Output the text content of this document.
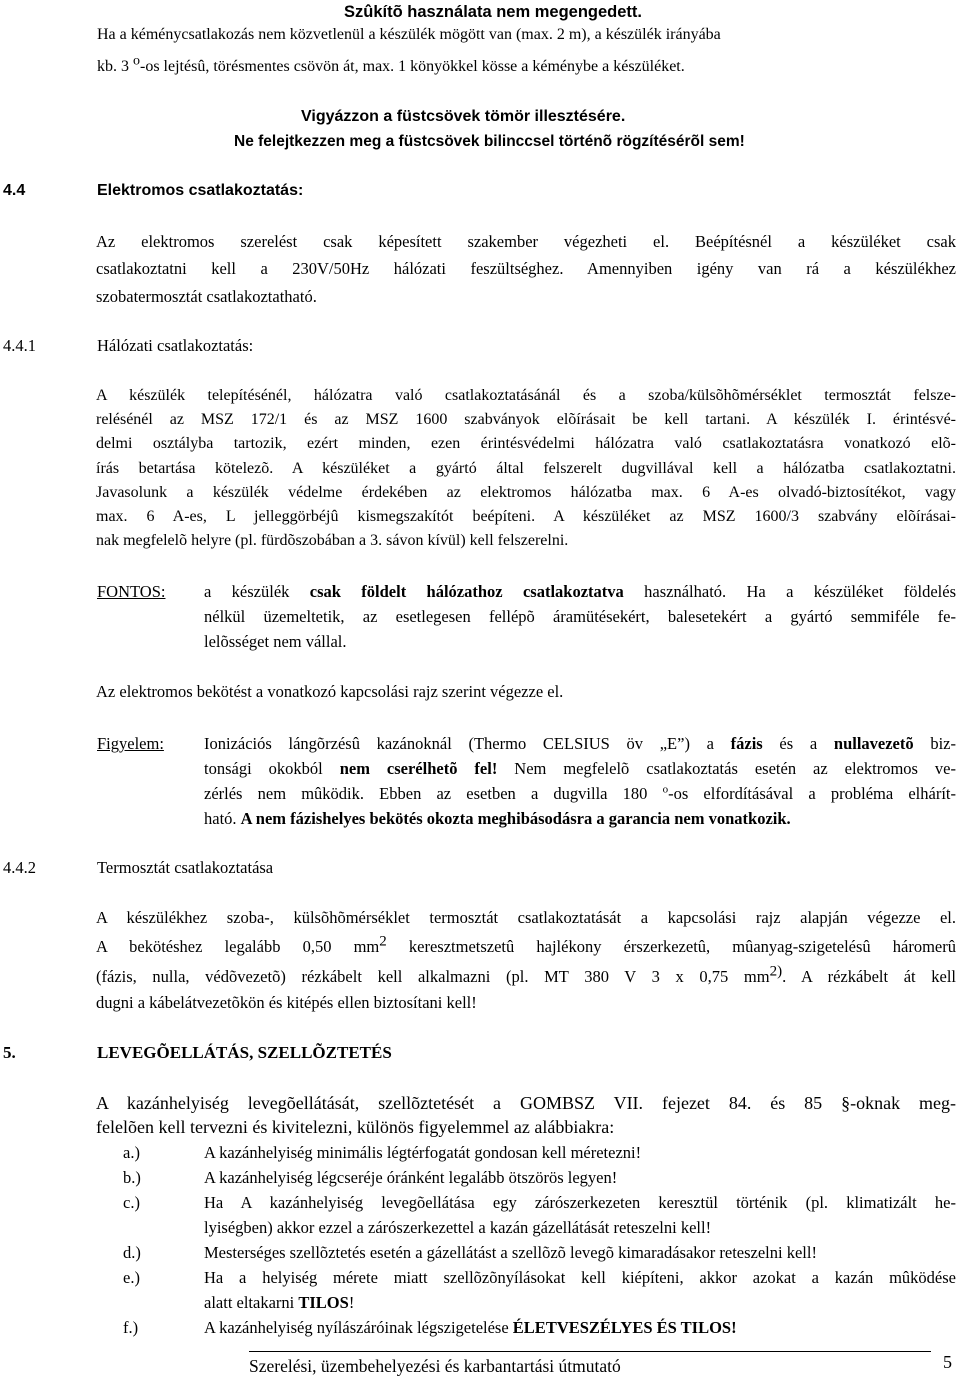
Szûkítõ használata nem megengedett.
Ha a kéménycsatlakozás nem közvetlenül a készülék mögött van (max. 2 m), a készülék irányába
kb. 3 o-os lejtésû, törésmentes csövön át, max. 1 könyökkel kösse a kéménybe a készüléket.
Vigyázzon a füstcsövek tömör illesztésére.
Ne felejtkezzen meg a füstcsövek bilinccsel történõ rögzítésérõl sem!
4.4	Elektromos csatlakoztatás:
Az elektromos szerelést csak képesített szakember végezheti el. Beépítésnél a készüléket csak
csatlakoztatni kell a 230V/50Hz hálózati feszültséghez. Amennyiben igény van rá a készülékhez
szobatermosztát csatlakoztatható.
4.4.1	Hálózati csatlakoztatás:
A készülék telepítésénél, hálózatra való csatlakoztatásánál és a szoba/külsõhõmérséklet termosztát felsze-
relésénél az MSZ 172/1 és az MSZ 1600 szabványok elõírásait be kell tartani. A készülék I. érintésvé-
delmi osztályba tartozik, ezért minden, ezen érintésvédelmi hálózatra való csatlakoztatásra vonatkozó elõ-
írás betartása kötelezõ. A készüléket a gyártó által felszerelt dugvillával kell a hálózatba csatlakoztatni.
Javasolunk a készülék védelme érdekében az elektromos hálózatba max. 6 A-es olvadó-biztosítékot, vagy
max. 6 A-es, L jelleggörbéjû kismegszakítót beépíteni. A készüléket az MSZ 1600/3 szabvány elõírásai-
nak megfelelõ helyre (pl. fürdõszobában a 3. sávon kívül) kell felszerelni.
FONTOS: a készülék csak földelt hálózathoz csatlakoztatva használható. Ha a készüléket földelés
nélkül üzemeltetik, az esetlegesen fellépõ áramütésekért, balesetekért a gyártó semmiféle fe-
lelõsséget nem vállal.
Az elektromos bekötést a vonatkozó kapcsolási rajz szerint végezze el.
Figyelem: Ionizációs lángõrzésû kazánoknál (Thermo CELSIUS öv „E”) a fázis és a nullavezetõ biz-
tonsági okokból nem cserélhetõ fel! Nem megfelelõ csatlakoztatás esetén az elektromos ve-
zérlés nem mûködik. Ebben az esetben a dugvilla 180 $^o$-os elfordításával a probléma elhárít-
ható. A nem fázishelyes bekötés okozta meghibásodásra a garancia nem vonatkozik.
4.4.2	Termosztát csatlakoztatása
A készülékhez szoba-, külsõhõmérséklet termosztát csatlakoztatását a kapcsolási rajz alapján végezze el.
A bekötéshez legalább 0,50 mm2 keresztmetszetû hajlékony érszerkezetû, mûanyag-szigetelésû háromerû
(fázis, nulla, védõvezetõ) rézkábelt kell alkalmazni (pl. MT 380 V 3 x 0,75 mm2). A rézkábelt át kell
dugni a kábelátvezetõkön és kitépés ellen biztosítani kell!
5.	LEVEGÕELLÁTÁS, SZELLÕZTETÉS
A kazánhelyiség levegõellátását, szellõztetését a GOMBSZ VII. fejezet 84. és 85 §-oknak meg-
felelõen kell tervezni és kivitelezni, különös figyelemmel az alábbiakra:
a.)	A kazánhelyiség minimális légtérfogatát gondosan kell méretezni!
b.)	A kazánhelyiség légcseréje óránként legalább ötszörös legyen!
c.)	Ha A kazánhelyiség levegõellátása egy zárószerkezeten keresztül történik (pl. klimatizált he-
lyiségben) akkor ezzel a zárószerkezettel a kazán gázellátását reteszelni kell!
d.)	Mesterséges szellõztetés esetén a gázellátást a szellõzõ levegõ kimaradásakor reteszelni kell!
e.)	Ha a helyiség mérete miatt szellõzõnyílásokat kell kiépíteni, akkor azokat a kazán mûködése
alatt eltakarni TILOS!
f.)	A kazánhelyiség nyílászáróinak légszigetelése ÉLETVESZÉLYES ÉS TILOS!
Szerelési, üzembehelyezési és karbantartási útmutató	5
